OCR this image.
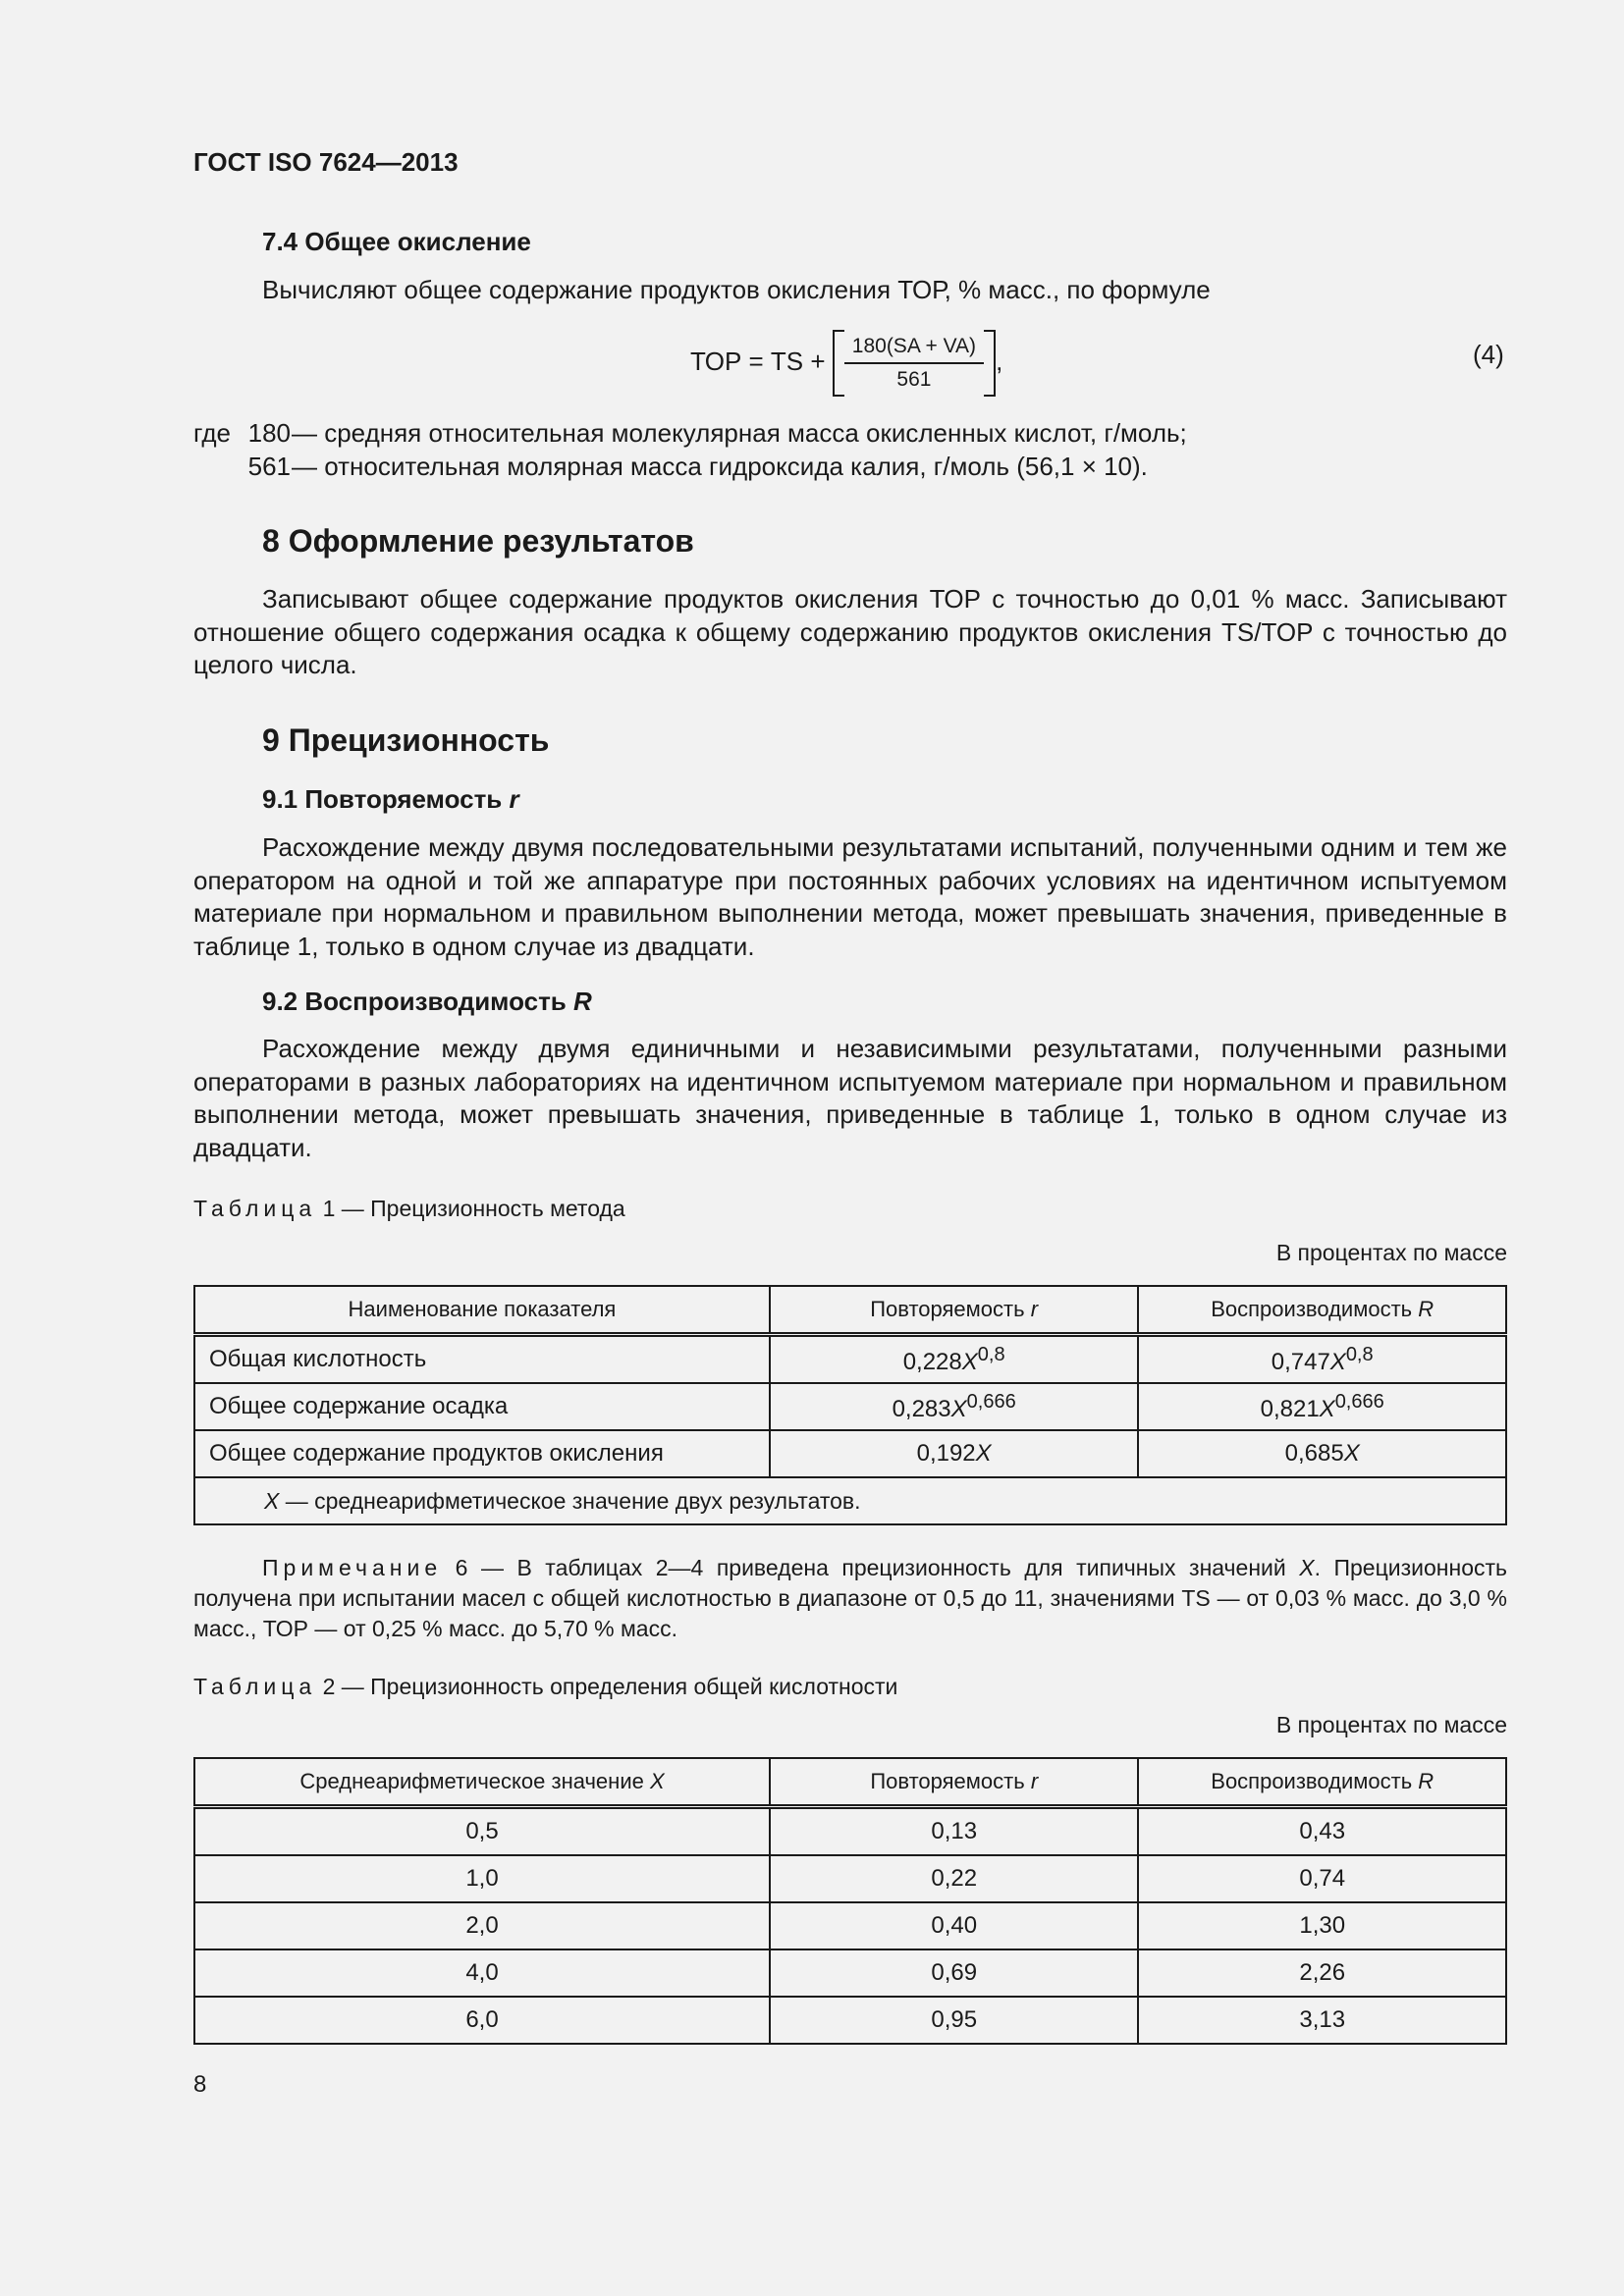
ГОСТ ISO 7624—2013
7.4 Общее окисление
Вычисляют общее содержание продуктов окисления ТОР, % масс., по формуле
ТОР = TS + $\frac{180(SA + VA)}{561}$ ,	(4)
где 180 — средняя относительная молекулярная масса окисленных кислот, г/моль;
561 — относительная молярная масса гидроксида калия, г/моль (56,1 × 10).
8 Оформление результатов
Записывают общее содержание продуктов окисления ТОР с точностью до 0,01 % масс. Записывают отношение общего содержания осадка к общему содержанию продуктов окисления TS/TOP с точностью до целого числа.
9 Прецизионность
9.1 Повторяемость r
Расхождение между двумя последовательными результатами испытаний, полученными одним и тем же оператором на одной и той же аппаратуре при постоянных рабочих условиях на идентичном испытуемом материале при нормальном и правильном выполнении метода, может превышать значения, приведенные в таблице 1, только в одном случае из двадцати.
9.2 Воспроизводимость R
Расхождение между двумя единичными и независимыми результатами, полученными разными операторами в разных лабораториях на идентичном испытуемом материале при нормальном и правильном выполнении метода, может превышать значения, приведенные в таблице 1, только в одном случае из двадцати.
Таблица 1 — Прецизионность метода
В процентах по массе
Наименование показателя	Повторяемость r	Воспроизводимость R
Общая кислотность	$0,228X^{0,8}$	$0,747X^{0,8}$
Общее содержание осадка	$0,283X^{0,666}$	$0,821X^{0,666}$
Общее содержание продуктов окисления	0,192X	0,685X
X — среднеарифметическое значение двух результатов.		
Примечание 6 — В таблицах 2—4 приведена прецизионность для типичных значений X. Прецизионность получена при испытании масел с общей кислотностью в диапазоне от 0,5 до 11, значениями TS — от 0,03 % масс. до 3,0 % масс., ТОР — от 0,25 % масс. до 5,70 % масс.
Таблица 2 — Прецизионность определения общей кислотности
В процентах по массе
Среднеарифметическое значение X	Повторяемость r	Воспроизводимость R
0,5	0,13	0,43
1,0	0,22	0,74
2,0	0,40	1,30
4,0	0,69	2,26
6,0	0,95	3,13
8
